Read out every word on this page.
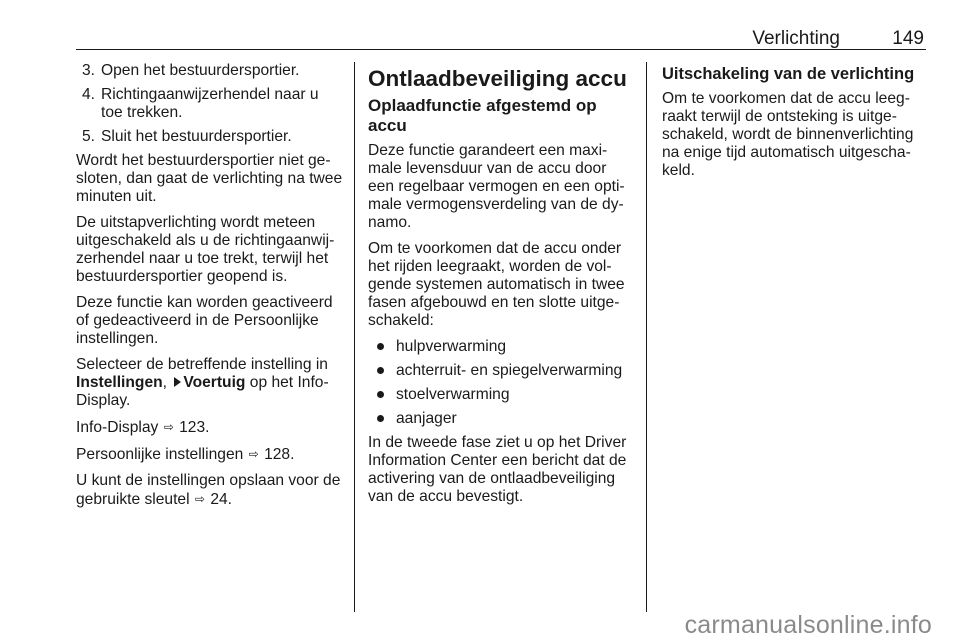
Verlichting	149
3. Open het bestuurdersportier.
4. Richtingaanwijzerhendel naar u toe trekken.
5. Sluit het bestuurdersportier.

Wordt het bestuurdersportier niet ge-sloten, dan gaat de verlichting na twee minuten uit.

De uitstapverlichting wordt meteen uitgeschakeld als u de richtingaanwij-zerhendel naar u toe trekt, terwijl het bestuurdersportier geopend is.

Deze functie kan worden geactiveerd of gedeactiveerd in de Persoonlijke instellingen.

Selecteer de betreffende instelling in
Instellingen, Voertuig op het Info-Display.

Info-Display ⇨ 123.

Persoonlijke instellingen ⇨ 128.

U kunt de instellingen opslaan voor de gebruikte sleutel ⇨ 24.

Ontlaadbeveiliging accu
Oplaadfunctie afgestemd op accu

Deze functie garandeert een maxi-male levensduur van de accu door een regelbaar vermogen en een opti-male vermogensverdeling van de dy-namo.

Om te voorkomen dat de accu onder het rijden leegraakt, worden de vol-gende systemen automatisch in twee fasen afgebouwd en ten slotte uitge-schakeld:

hulpverwarming
achterruit- en spiegelverwarming
stoelverwarming
aanjager

In de tweede fase ziet u op het Driver Information Center een bericht dat de activering van de ontlaadbeveiliging van de accu bevestigt.

Uitschakeling van de verlichting

Om te voorkomen dat de accu leeg-raakt terwijl de ontsteking is uitge-schakeld, wordt de binnenverlichting na enige tijd automatisch uitgescha-keld.

carmanualsonline.info
